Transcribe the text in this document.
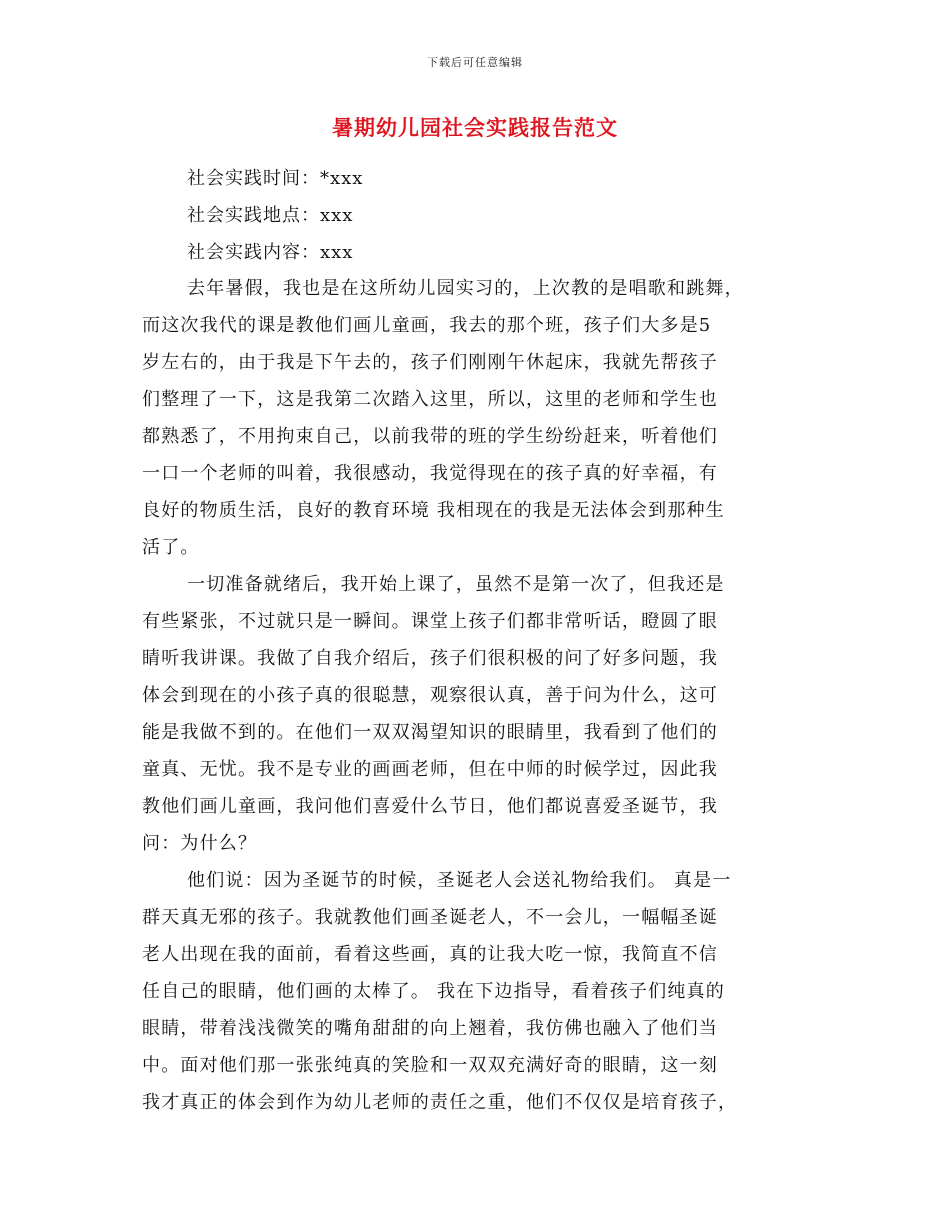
下载后可任意编辑
暑期幼儿园社会实践报告范文
社会实践时间：*xxx
社会实践地点：xxx
社会实践内容：xxx
去年暑假，我也是在这所幼儿园实习的，上次教的是唱歌和跳舞，
而这次我代的课是教他们画儿童画，我去的那个班，孩子们大多是5
岁左右的，由于我是下午去的，孩子们刚刚午休起床，我就先帮孩子
们整理了一下，这是我第二次踏入这里，所以，这里的老师和学生也
都熟悉了，不用拘束自己，以前我带的班的学生纷纷赶来，听着他们
一口一个老师的叫着，我很感动，我觉得现在的孩子真的好幸福，有
良好的物质生活，良好的教育环境 我相现在的我是无法体会到那种生
活了。
一切准备就绪后，我开始上课了，虽然不是第一次了，但我还是
有些紧张，不过就只是一瞬间。课堂上孩子们都非常听话，瞪圆了眼
睛听我讲课。我做了自我介绍后，孩子们很积极的问了好多问题，我
体会到现在的小孩子真的很聪慧，观察很认真，善于问为什么，这可
能是我做不到的。在他们一双双渴望知识的眼睛里，我看到了他们的
童真、无忧。我不是专业的画画老师，但在中师的时候学过，因此我
教他们画儿童画，我问他们喜爱什么节日，他们都说喜爱圣诞节，我
问：为什么？
他们说：因为圣诞节的时候，圣诞老人会送礼物给我们。 真是一
群天真无邪的孩子。我就教他们画圣诞老人，不一会儿，一幅幅圣诞
老人出现在我的面前，看着这些画，真的让我大吃一惊，我简直不信
任自己的眼睛，他们画的太棒了。 我在下边指导，看着孩子们纯真的
眼睛，带着浅浅微笑的嘴角甜甜的向上翘着，我仿佛也融入了他们当
中。面对他们那一张张纯真的笑脸和一双双充满好奇的眼睛，这一刻
我才真正的体会到作为幼儿老师的责任之重，他们不仅仅是培育孩子，
